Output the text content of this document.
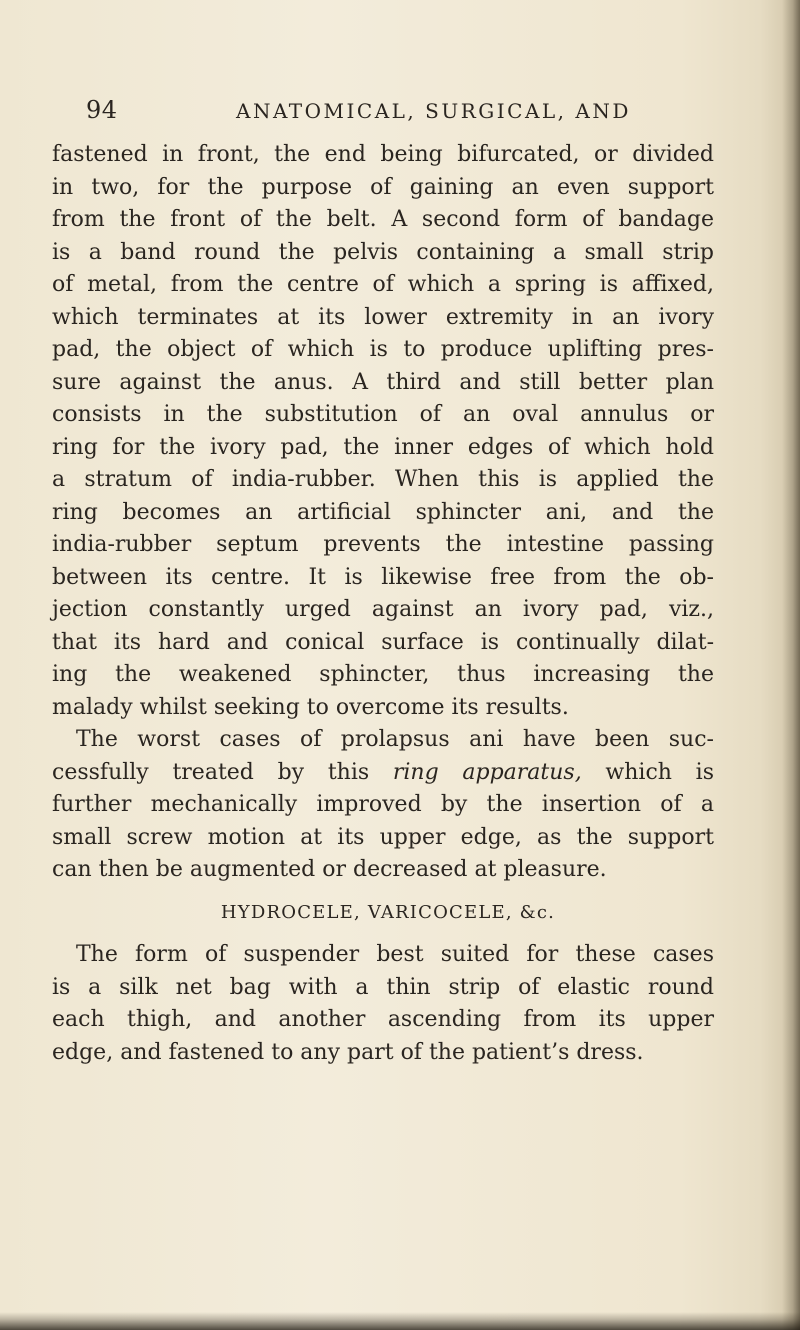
94	ANATOMICAL, SURGICAL, AND

fastened in front, the end being bifurcated, or divided

in two, for the purpose of gaining an even support

from the front of the belt. A second form of bandage

is a band round the pelvis containing a small strip

of metal, from the centre of which a spring is affixed,

which terminates at its lower extremity in an ivory

pad, the object of which is to produce uplifting pres-

sure against the anus. A third and still better plan

consists in the substitution of an oval annulus or

ring for the ivory pad, the inner edges of which hold

a stratum of india-rubber. When this is applied the

ring becomes an artificial sphincter ani, and the

india-rubber septum prevents the intestine passing

between its centre. It is likewise free from the ob-

jection constantly urged against an ivory pad, viz.,

that its hard and conical surface is continually dilat-

ing the weakened sphincter, thus increasing the

malady whilst seeking to overcome its results.

The worst cases of prolapsus ani have been suc-

cessfully treated by this ring apparatus, which is

further mechanically improved by the insertion of a

small screw motion at its upper edge, as the support

can then be augmented or decreased at pleasure.

HYDROCELE, VARICOCELE, &c.

The form of suspender best suited for these cases

is a silk net bag with a thin strip of elastic round

each thigh, and another ascending from its upper

edge, and fastened to any part of the patient’s dress.
